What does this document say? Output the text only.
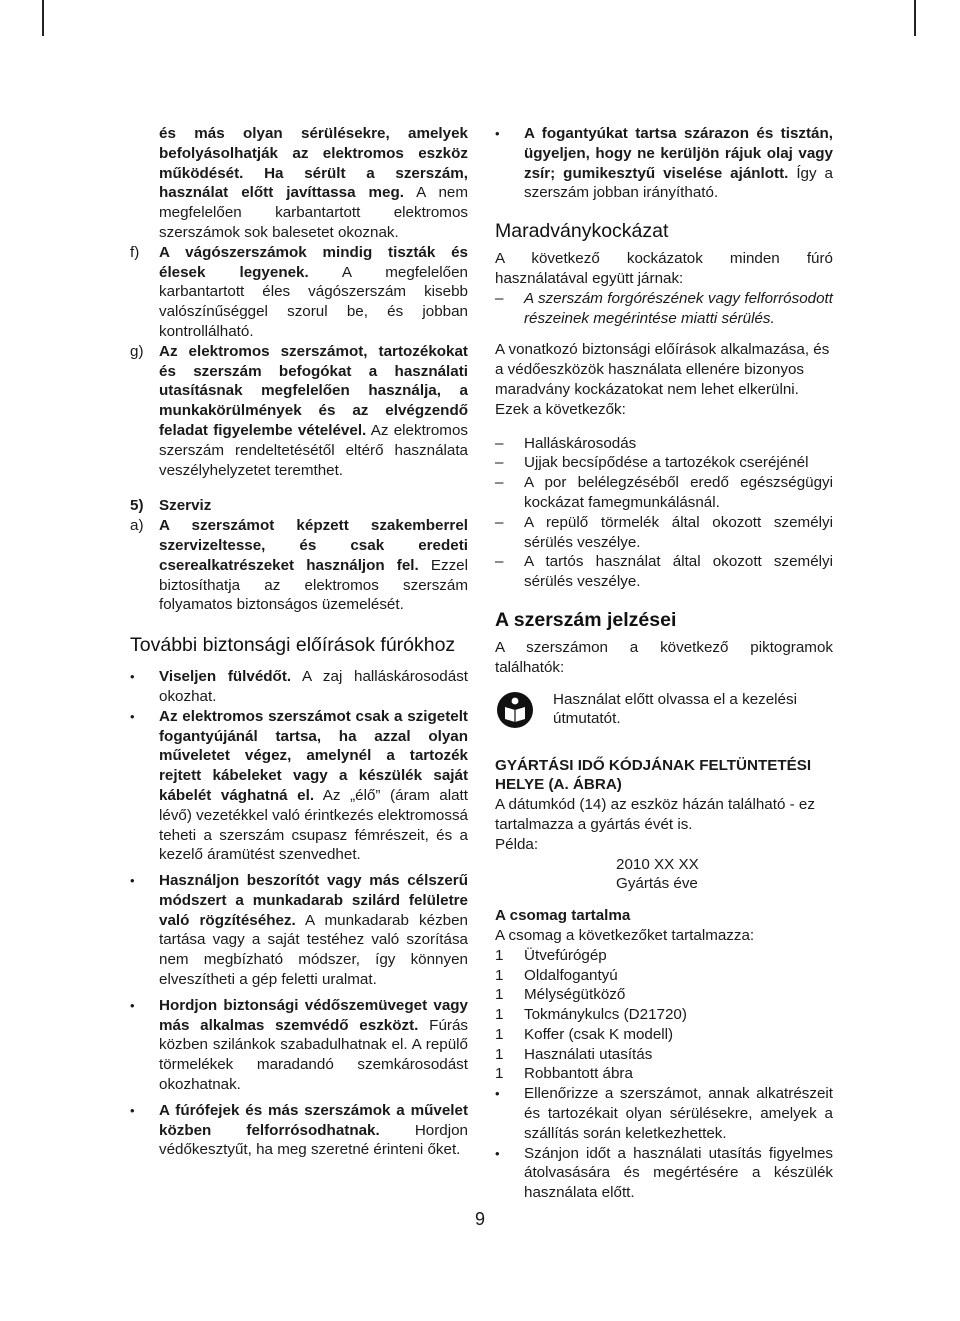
és más olyan sérülésekre, amelyek befolyásolhatják az elektromos eszköz működését. Ha sérült a szerszám, használat előtt javíttassa meg. A nem megfelelően karbantartott elektromos szerszámok sok balesetet okoznak.

f) A vágószerszámok mindig tiszták és élesek legyenek. A megfelelően karbantartott éles vágószerszám kisebb valószínűséggel szorul be, és jobban kontrollálható.
g) Az elektromos szerszámot, tartozékokat és szerszám befogókat a használati utasításnak megfelelően használja, a munkakörülmények és az elvégzendő feladat figyelembe vételével. Az elektromos szerszám rendeltetésétől eltérő használata veszélyhelyzetet teremthet.
5) Szerviz
a) A szerszámot képzett szakemberrel szervizeltesse, és csak eredeti cserealkatrészeket használjon fel. Ezzel biztosíthatja az elektromos szerszám folyamatos biztonságos üzemelését.

További biztonsági előírások fúrókhoz

• Viseljen fülvédőt. A zaj halláskárosodást okozhat.
• Az elektromos szerszámot csak a szigetelt fogantyújánál tartsa, ha azzal olyan műveletet végez, amelynél a tartozék rejtett kábeleket vagy a készülék saját kábelét vághatná el. Az „élő” (áram alatt lévő) vezetékkel való érintkezés elektromossá teheti a szerszám csupasz fémrészeit, és a kezelő áramütést szenvedhet.
• Használjon beszorítót vagy más célszerű módszert a munkadarab szilárd felületre való rögzítéséhez. A munkadarab kézben tartása vagy a saját testéhez való szorítása nem megbízható módszer, így könnyen elveszítheti a gép feletti uralmat.
• Hordjon biztonsági védőszemüveget vagy más alkalmas szemvédő eszközt. Fúrás közben szilánkok szabadulhatnak el. A repülő törmelékek maradandó szemkárosodást okozhatnak.
• A fúrófejek és más szerszámok a művelet közben felforrósodhatnak. Hordjon védőkesztyűt, ha meg szeretné érinteni őket.
• A fogantyúkat tartsa szárazon és tisztán, ügyeljen, hogy ne kerüljön rájuk olaj vagy zsír; gumikesztyű viselése ajánlott. Így a szerszám jobban irányítható.

Maradványkockázat

A következő kockázatok minden fúró használatával együtt járnak:

– A szerszám forgórészének vagy felforrósodott részeinek megérintése miatti sérülés.

A vonatkozó biztonsági előírások alkalmazása, és a védőeszközök használata ellenére bizonyos maradvány kockázatokat nem lehet elkerülni. Ezek a következők:

– Halláskárosodás
– Ujjak becsípődése a tartozékok cseréjénél
– A por belélegzéséből eredő egészségügyi kockázat famegmunkálásnál.
– A repülő törmelék által okozott személyi sérülés veszélye.
– A tartós használat által okozott személyi sérülés veszélye.

A szerszám jelzései

A szerszámon a következő piktogramok találhatók:

Használat előtt olvassa el a kezelési útmutatót.

GYÁRTÁSI IDŐ KÓDJÁNAK FELTÜNTETÉSI HELYE (A. ÁBRA)

A dátumkód (14) az eszköz házán található - ez tartalmazza a gyártás évét is.

Példa:

2010 XX XX

Gyártás éve

A csomag tartalma

A csomag a következőket tartalmazza:

1 Ütvefúrógép
1 Oldalfogantyú
1 Mélységütköző
1 Tokmánykulcs (D21720)
1 Koffer (csak K modell)
1 Használati utasítás
1 Robbantott ábra
• Ellenőrizze a szerszámot, annak alkatrészeit és tartozékait olyan sérülésekre, amelyek a szállítás során keletkezhettek.
• Szánjon időt a használati utasítás figyelmes átolvasására és megértésére a készülék használata előtt.
9
